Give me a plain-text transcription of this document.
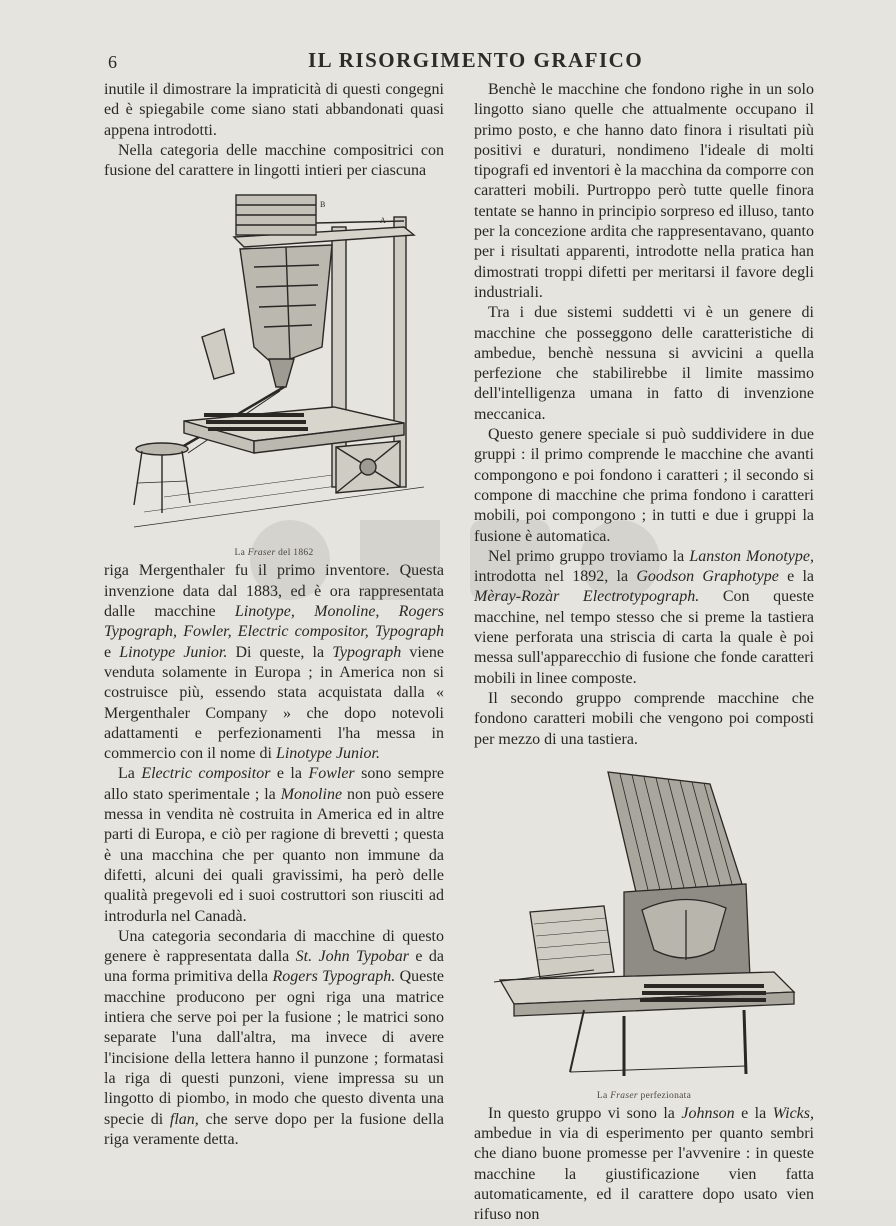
6	IL RISORGIMENTO GRAFICO

inutile il dimostrare la impraticità di questi congegni ed è spiegabile come siano stati abbandonati quasi appena introdotti.

Nella categoria delle macchine compositrici con fusione del carattere in lingotti intieri per ciascuna

B
A
La Fraser del 1862

riga Mergenthaler fu il primo inventore. Questa invenzione data dal 1883, ed è ora rappresentata dalle macchine Linotype, Monoline, Rogers Typograph, Fowler, Electric compositor, Typograph e Linotype Junior. Di queste, la Typograph viene venduta solamente in Europa ; in America non si costruisce più, essendo stata acquistata dalla « Mergenthaler Company » che dopo notevoli adattamenti e perfezionamenti l'ha messa in commercio con il nome di Linotype Junior.

La Electric compositor e la Fowler sono sempre allo stato sperimentale ; la Monoline non può essere messa in vendita nè costruita in America ed in altre parti di Europa, e ciò per ragione di brevetti ; questa è una macchina che per quanto non immune da difetti, alcuni dei quali gravissimi, ha però delle qualità pregevoli ed i suoi costruttori son riusciti ad introdurla nel Canadà.

Una categoria secondaria di macchine di questo genere è rappresentata dalla St. John Typobar e da una forma primitiva della Rogers Typograph. Queste macchine producono per ogni riga una matrice intiera che serve poi per la fusione ; le matrici sono separate l'una dall'altra, ma invece di avere l'incisione della lettera hanno il punzone ; formatasi la riga di questi punzoni, viene impressa su un lingotto di piombo, in modo che questo diventa una specie di flan, che serve dopo per la fusione della riga veramente detta.

Benchè le macchine che fondono righe in un solo lingotto siano quelle che attualmente occupano il primo posto, e che hanno dato finora i risultati più positivi e duraturi, nondimeno l'ideale di molti tipografi ed inventori è la macchina da comporre con caratteri mobili. Purtroppo però tutte quelle finora tentate se hanno in principio sorpreso ed illuso, tanto per la concezione ardita che rappresentavano, quanto per i risultati apparenti, introdotte nella pratica han dimostrati troppi difetti per meritarsi il favore degli industriali.

Tra i due sistemi suddetti vi è un genere di macchine che posseggono delle caratteristiche di ambedue, benchè nessuna si avvicini a quella perfezione che stabilirebbe il limite massimo dell'intelligenza umana in fatto di invenzione meccanica.

Questo genere speciale si può suddividere in due gruppi : il primo comprende le macchine che avanti compongono e poi fondono i caratteri ; il secondo si compone di macchine che prima fondono i caratteri mobili, poi compongono ; in tutti e due i gruppi la fusione è automatica.

Nel primo gruppo troviamo la Lanston Monotype, introdotta nel 1892, la Goodson Graphotype e la Mèray-Rozàr Electrotypograph. Con queste macchine, nel tempo stesso che si preme la tastiera viene perforata una striscia di carta la quale è poi messa sull'apparecchio di fusione che fonde caratteri mobili in linee composte.

Il secondo gruppo comprende macchine che fondono caratteri mobili che vengono poi composti per mezzo di una tastiera.

La Fraser perfezionata

In questo gruppo vi sono la Johnson e la Wicks, ambedue in via di esperimento per quanto sembri che diano buone promesse per l'avvenire : in queste macchine la giustificazione vien fatta automaticamente, ed il carattere dopo usato vien rifuso non
